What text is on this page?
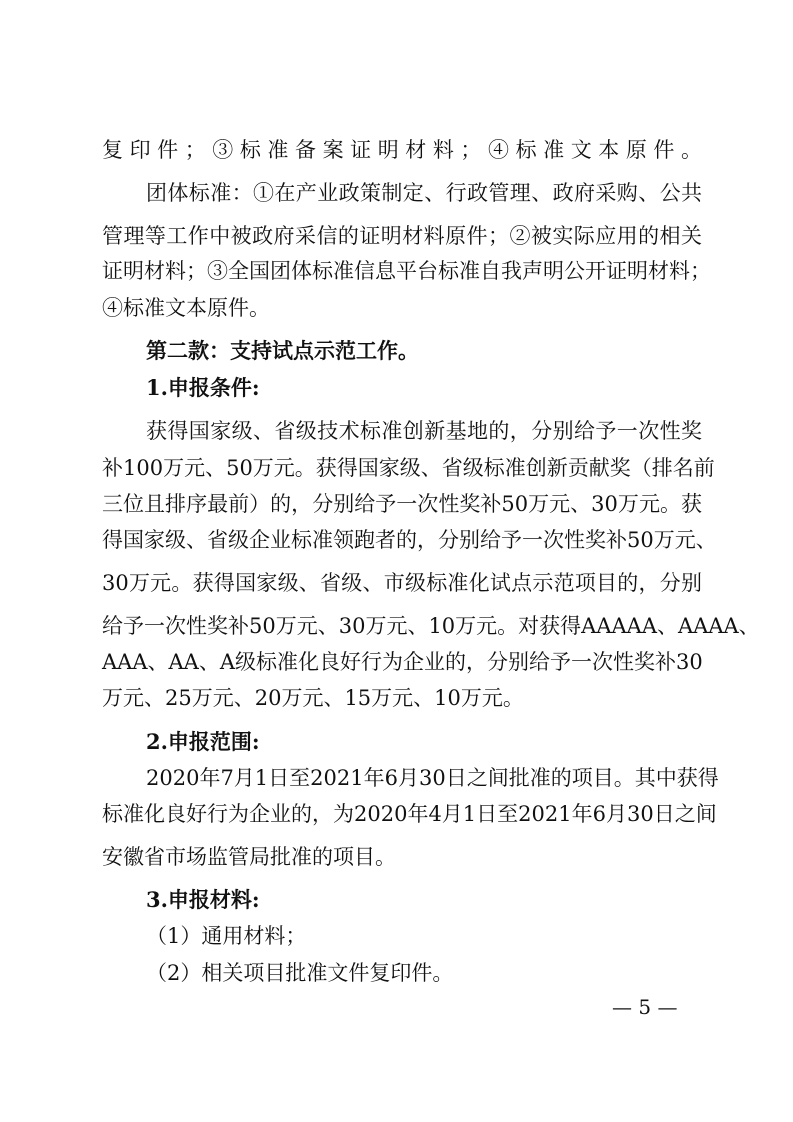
复印件；③标准备案证明材料；④标准文本原件。
团体标准：①在产业政策制定、行政管理、政府采购、公共
管理等工作中被政府采信的证明材料原件；②被实际应用的相关
证明材料；③全国团体标准信息平台标准自我声明公开证明材料；
④标准文本原件。
第二款：支持试点示范工作。
1.申报条件:
获得国家级、省级技术标准创新基地的，分别给予一次性奖
补100万元、50万元。获得国家级、省级标准创新贡献奖（排名前
三位且排序最前）的，分别给予一次性奖补50万元、30万元。获
得国家级、省级企业标准领跑者的，分别给予一次性奖补50万元、
30万元。获得国家级、省级、市级标准化试点示范项目的，分别
给予一次性奖补50万元、30万元、10万元。对获得AAAAA、AAAA、
AAA、AA、A级标准化良好行为企业的，分别给予一次性奖补30
万元、25万元、20万元、15万元、10万元。
2.申报范围:
2020年7月1日至2021年6月30日之间批准的项目。其中获得
标准化良好行为企业的，为2020年4月1日至2021年6月30日之间
安徽省市场监管局批准的项目。
3.申报材料:
（1）通用材料；
（2）相关项目批准文件复印件。
— 5 —
